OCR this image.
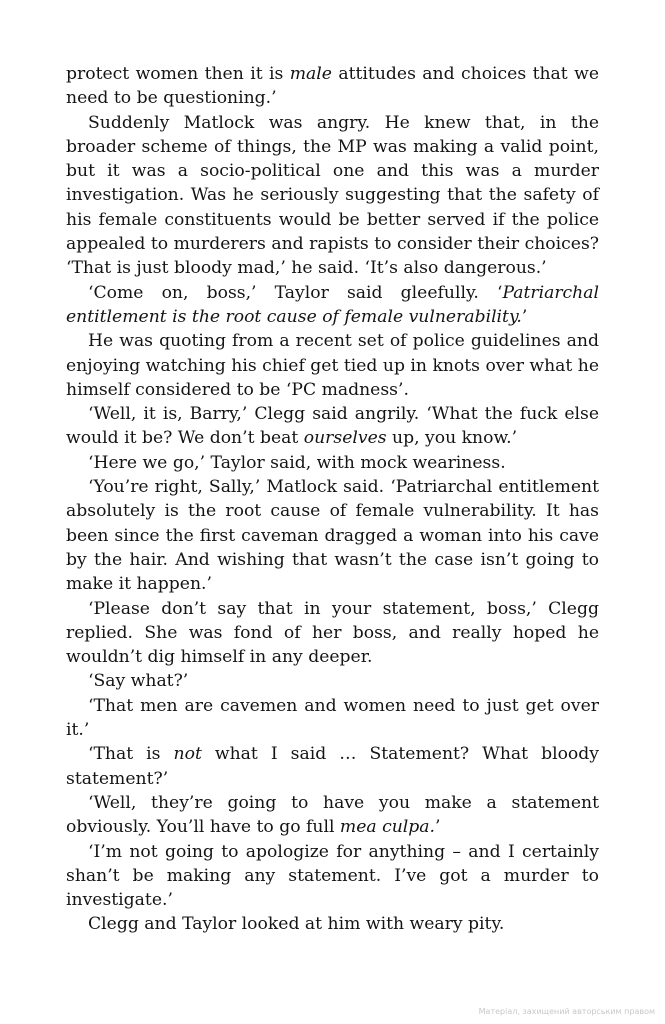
protect women then it is male attitudes and choices that we need to be questioning.’

Suddenly Matlock was angry. He knew that, in the broader scheme of things, the MP was making a valid point, but it was a socio-political one and this was a murder investigation. Was he seriously suggesting that the safety of his female constituents would be better served if the police appealed to murderers and rapists to consider their choices? ‘That is just bloody mad,’ he said. ‘It’s also dangerous.’

‘Come on, boss,’ Taylor said gleefully. ‘Patriarchal entitlement is the root cause of female vulnerability.’

He was quoting from a recent set of police guidelines and enjoying watching his chief get tied up in knots over what he himself considered to be ‘PC madness’.

‘Well, it is, Barry,’ Clegg said angrily. ‘What the fuck else would it be? We don’t beat ourselves up, you know.’

‘Here we go,’ Taylor said, with mock weariness.

‘You’re right, Sally,’ Matlock said. ‘Patriarchal entitlement absolutely is the root cause of female vulnerability. It has been since the first caveman dragged a woman into his cave by the hair. And wishing that wasn’t the case isn’t going to make it happen.’

‘Please don’t say that in your statement, boss,’ Clegg replied. She was fond of her boss, and really hoped he wouldn’t dig himself in any deeper.

‘Say what?’

‘That men are cavemen and women need to just get over it.’

‘That is not what I said … Statement? What bloody statement?’

‘Well, they’re going to have you make a statement obviously. You’ll have to go full mea culpa.’

‘I’m not going to apologize for anything – and I certainly shan’t be making any statement. I’ve got a murder to investigate.’

Clegg and Taylor looked at him with weary pity.

Матеріал, захищений авторським правом
